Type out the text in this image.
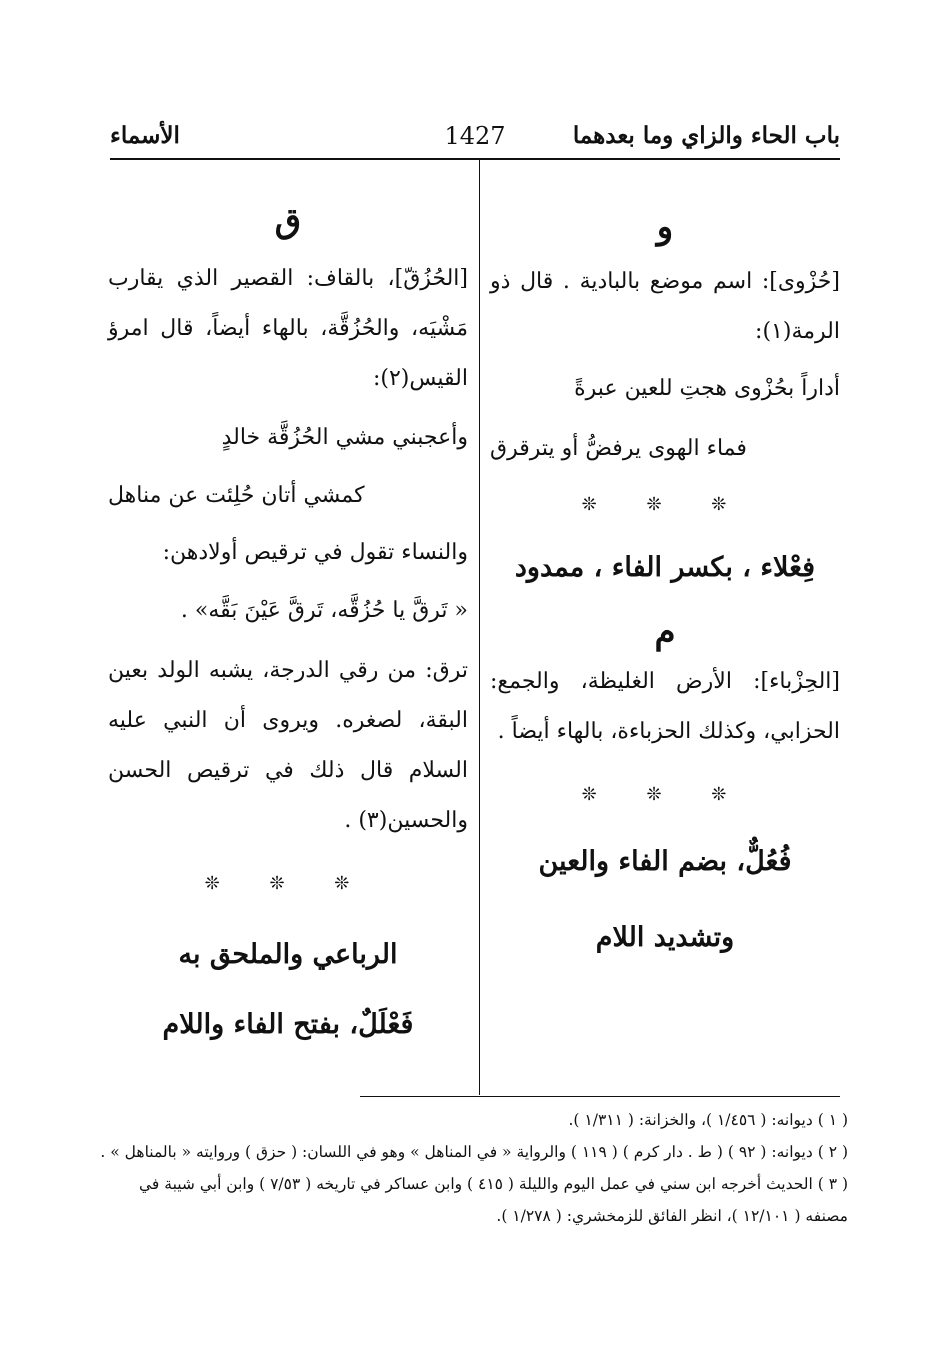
باب الحاء والزاي وما بعدهما
1427
الأسماء
و
[حُزْوى]: اسم موضع بالبادية . قال ذو الرمة(١):
أداراً بحُزْوى هجتِ للعين عبرةً
فماء الهوى يرفضُّ أو يترقرق
❊ ❊ ❊
فِعْلاء ، بكسر الفاء ، ممدود
م
[الحِزْباء]: الأرض الغليظة، والجمع: الحزابي، وكذلك الحزباءة، بالهاء أيضاً .
❊ ❊ ❊
فُعُلٌّ، بضم الفاء والعين
وتشديد اللام
ق
[الحُزُقّ]، بالقاف: القصير الذي يقارب مَشْيَه، والحُزُقَّة، بالهاء أيضاً، قال امرؤ القيس(٢):
وأعجبني مشي الحُزُقَّة خالدٍ
كمشي أتان حُلِئت عن مناهل
والنساء تقول في ترقيص أولادهن:
« تَرقَّ يا حُزُقَّه، تَرقَّ عَيْنَ بَقَّه» .
ترق: من رقي الدرجة، يشبه الولد بعين البقة، لصغره. ويروى أن النبي عليه السلام قال ذلك في ترقيص الحسن والحسين(٣) .
❊ ❊ ❊
الرباعي والملحق به
فَعْلَلٌ، بفتح الفاء واللام
( ١ ) ديوانه: ( ١/٤٥٦ )، والخزانة: ( ١/٣١١ ).
( ٢ ) ديوانه: ( ٩٢ ) ( ط . دار كرم ) ( ١١٩ ) والرواية « في المناهل » وهو في اللسان: ( حزق ) وروايته « بالمناهل » .
( ٣ ) الحديث أخرجه ابن سني في عمل اليوم والليلة ( ٤١٥ ) وابن عساكر في تاريخه ( ٧/٥٣ ) وابن أبي شيبة في
مصنفه ( ١٢/١٠١ )، انظر الفائق للزمخشري: ( ١/٢٧٨ ).
